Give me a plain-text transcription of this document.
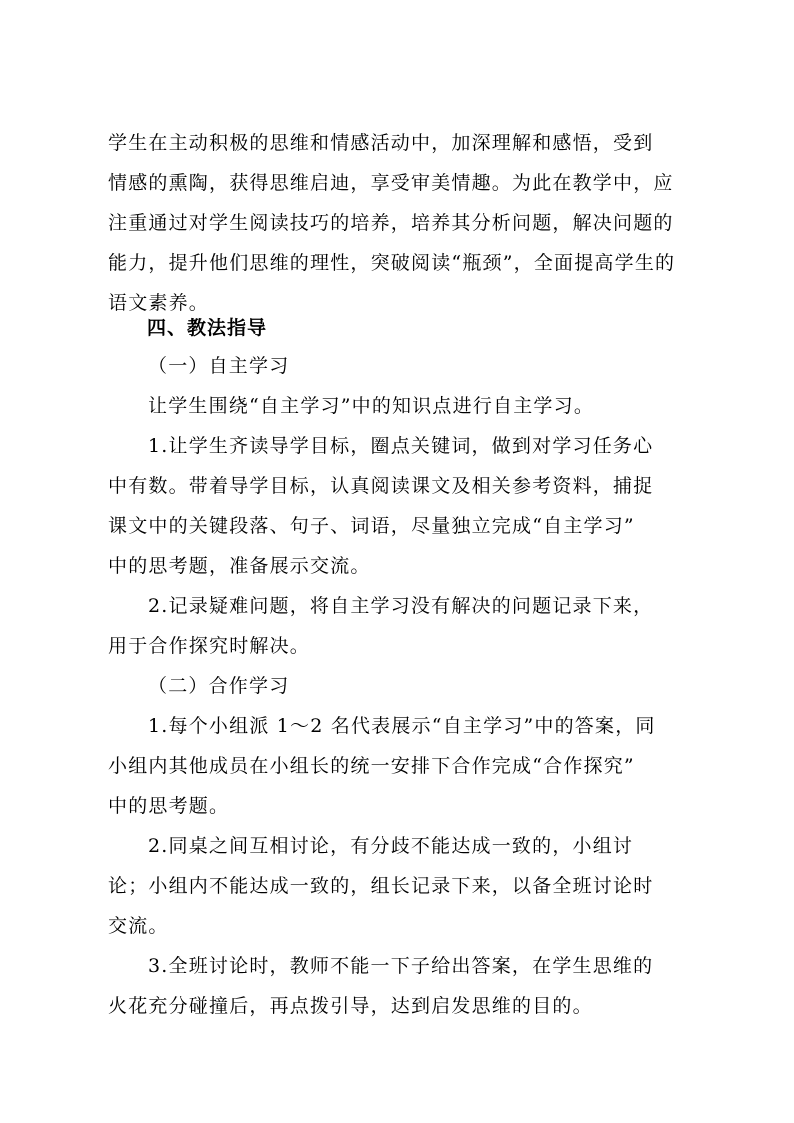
学生在主动积极的思维和情感活动中，加深理解和感悟，受到
情感的熏陶，获得思维启迪，享受审美情趣。为此在教学中，应
注重通过对学生阅读技巧的培养，培养其分析问题，解决问题的
能力，提升他们思维的理性，突破阅读“瓶颈”，全面提高学生的
语文素养。
四、教法指导
（一）自主学习
让学生围绕“自主学习”中的知识点进行自主学习。
1.让学生齐读导学目标，圈点关键词，做到对学习任务心
中有数。带着导学目标，认真阅读课文及相关参考资料，捕捉
课文中的关键段落、句子、词语，尽量独立完成“自主学习”
中的思考题，准备展示交流。
2.记录疑难问题，将自主学习没有解决的问题记录下来，
用于合作探究时解决。
（二）合作学习
1.每个小组派 1～2 名代表展示“自主学习”中的答案，同
小组内其他成员在小组长的统一安排下合作完成“合作探究”
中的思考题。
2.同桌之间互相讨论，有分歧不能达成一致的，小组讨
论；小组内不能达成一致的，组长记录下来，以备全班讨论时
交流。
3.全班讨论时，教师不能一下子给出答案，在学生思维的
火花充分碰撞后，再点拨引导，达到启发思维的目的。
